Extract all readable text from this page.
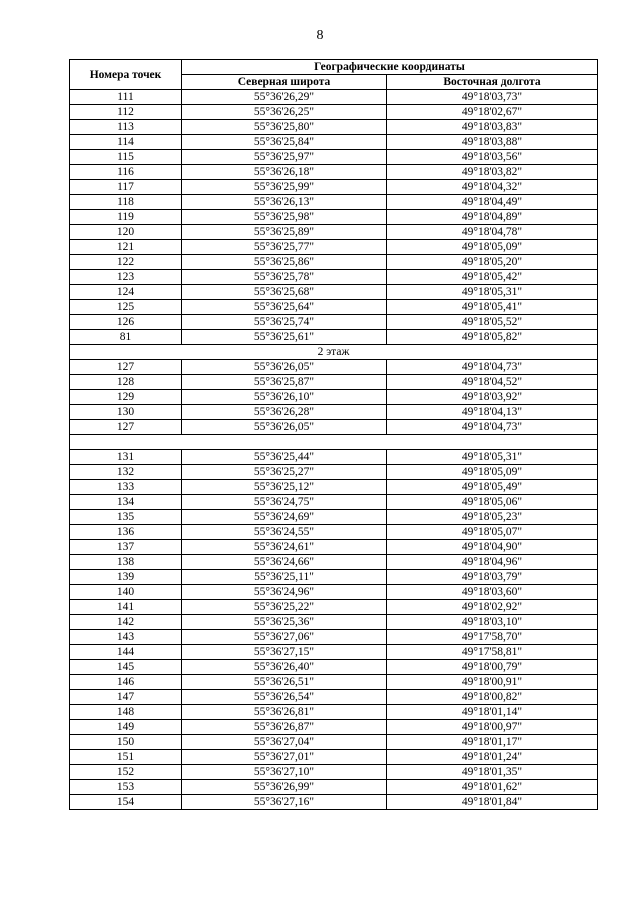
8
Номера точек	Географические координаты	
	Северная широта	Восточная долгота
111	55°36'26,29"	49°18'03,73"
112	55°36'26,25"	49°18'02,67"
113	55°36'25,80"	49°18'03,83"
114	55°36'25,84"	49°18'03,88"
115	55°36'25,97"	49°18'03,56"
116	55°36'26,18"	49°18'03,82"
117	55°36'25,99"	49°18'04,32"
118	55°36'26,13"	49°18'04,49"
119	55°36'25,98"	49°18'04,89"
120	55°36'25,89"	49°18'04,78"
121	55°36'25,77"	49°18'05,09"
122	55°36'25,86"	49°18'05,20"
123	55°36'25,78"	49°18'05,42"
124	55°36'25,68"	49°18'05,31"
125	55°36'25,64"	49°18'05,41"
126	55°36'25,74"	49°18'05,52"
81	55°36'25,61"	49°18'05,82"
2 этаж		
127	55°36'26,05"	49°18'04,73"
128	55°36'25,87"	49°18'04,52"
129	55°36'26,10"	49°18'03,92"
130	55°36'26,28"	49°18'04,13"
127	55°36'26,05"	49°18'04,73"

131	55°36'25,44"	49°18'05,31"
132	55°36'25,27"	49°18'05,09"
133	55°36'25,12"	49°18'05,49"
134	55°36'24,75"	49°18'05,06"
135	55°36'24,69"	49°18'05,23"
136	55°36'24,55"	49°18'05,07"
137	55°36'24,61"	49°18'04,90"
138	55°36'24,66"	49°18'04,96"
139	55°36'25,11"	49°18'03,79"
140	55°36'24,96"	49°18'03,60"
141	55°36'25,22"	49°18'02,92"
142	55°36'25,36"	49°18'03,10"
143	55°36'27,06"	49°17'58,70"
144	55°36'27,15"	49°17'58,81"
145	55°36'26,40"	49°18'00,79"
146	55°36'26,51"	49°18'00,91"
147	55°36'26,54"	49°18'00,82"
148	55°36'26,81"	49°18'01,14"
149	55°36'26,87"	49°18'00,97"
150	55°36'27,04"	49°18'01,17"
151	55°36'27,01"	49°18'01,24"
152	55°36'27,10"	49°18'01,35"
153	55°36'26,99"	49°18'01,62"
154	55°36'27,16"	49°18'01,84"
